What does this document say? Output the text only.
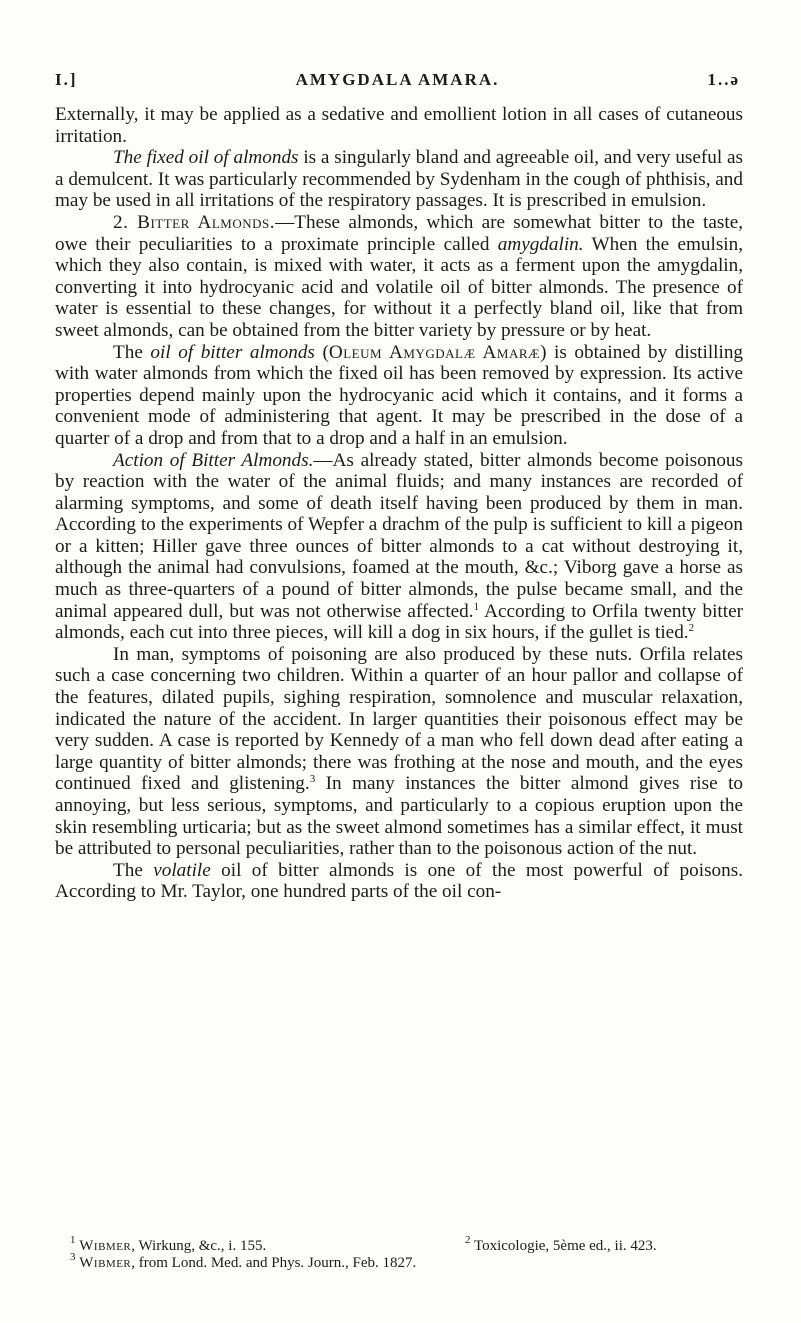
I.]	AMYGDALA AMARA.	1..ə

Externally, it may be applied as a sedative and emollient lotion in all cases of cutaneous irritation.

The fixed oil of almonds is a singularly bland and agreeable oil, and very useful as a demulcent. It was particularly recommended by Sydenham in the cough of phthisis, and may be used in all irritations of the respiratory passages. It is prescribed in emulsion.

2. Bitter Almonds.—These almonds, which are somewhat bitter to the taste, owe their peculiarities to a proximate principle called amygdalin. When the emulsin, which they also contain, is mixed with water, it acts as a ferment upon the amygdalin, converting it into hydrocyanic acid and volatile oil of bitter almonds. The presence of water is essential to these changes, for without it a perfectly bland oil, like that from sweet almonds, can be obtained from the bitter variety by pressure or by heat.

The oil of bitter almonds (Oleum Amygdalæ Amaræ) is obtained by distilling with water almonds from which the fixed oil has been removed by expression. Its active properties depend mainly upon the hydrocyanic acid which it contains, and it forms a convenient mode of administering that agent. It may be prescribed in the dose of a quarter of a drop and from that to a drop and a half in an emulsion.

Action of Bitter Almonds.—As already stated, bitter almonds become poisonous by reaction with the water of the animal fluids; and many instances are recorded of alarming symptoms, and some of death itself having been produced by them in man. According to the experiments of Wepfer a drachm of the pulp is sufficient to kill a pigeon or a kitten; Hiller gave three ounces of bitter almonds to a cat without destroying it, although the animal had convulsions, foamed at the mouth, &c.; Viborg gave a horse as much as three-quarters of a pound of bitter almonds, the pulse became small, and the animal appeared dull, but was not otherwise affected.$^1$ According to Orfila twenty bitter almonds, each cut into three pieces, will kill a dog in six hours, if the gullet is tied.$^2$

In man, symptoms of poisoning are also produced by these nuts. Orfila relates such a case concerning two children. Within a quarter of an hour pallor and collapse of the features, dilated pupils, sighing respiration, somnolence and muscular relaxation, indicated the nature of the accident. In larger quantities their poisonous effect may be very sudden. A case is reported by Kennedy of a man who fell down dead after eating a large quantity of bitter almonds; there was frothing at the nose and mouth, and the eyes continued fixed and glistening.$^3$ In many instances the bitter almond gives rise to annoying, but less serious, symptoms, and particularly to a copious eruption upon the skin resembling urticaria; but as the sweet almond sometimes has a similar effect, it must be attributed to personal peculiarities, rather than to the poisonous action of the nut.

The volatile oil of bitter almonds is one of the most powerful of poisons. According to Mr. Taylor, one hundred parts of the oil con-

$^1$ Wibmer, Wirkung, &c., i. 155.	$^2$ Toxicologie, 5ème ed., ii. 423.
$^3$ Wibmer, from Lond. Med. and Phys. Journ., Feb. 1827.
